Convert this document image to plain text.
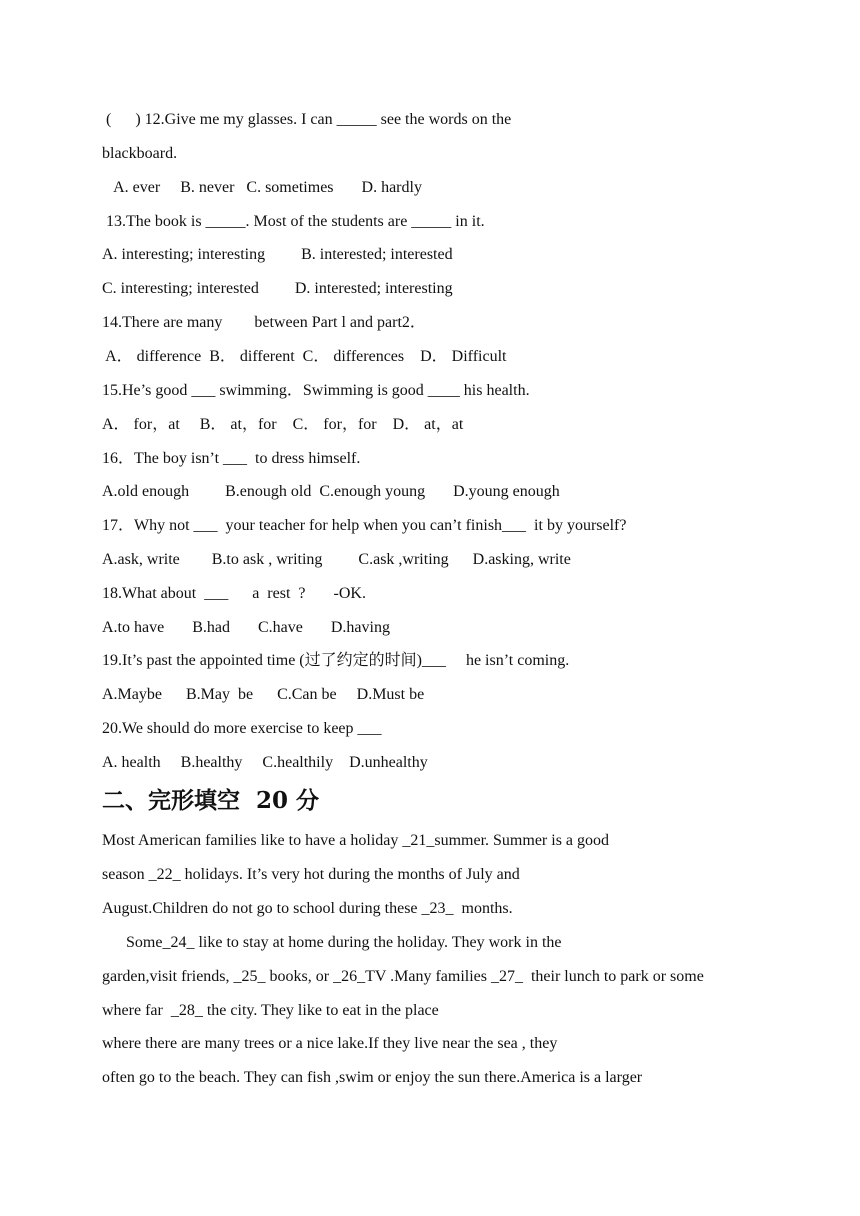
(      ) 12.Give me my glasses. I can _____ see the words on the

blackboard.

A. ever     B. never   C. sometimes       D. hardly

13.The book is _____. Most of the students are _____ in it.

A. interesting; interesting         B. interested; interested

C. interesting; interested         D. interested; interesting

14.There are many        between Part l and part2．

A． difference  B． different  C． differences    D． Difficult

15.He’s good ___ swimming．Swimming is good ____ his health.

A． for，at     B． at，for    C． for，for    D． at，at

16．The boy isn’t ___  to dress himself.

A.old enough         B.enough old  C.enough young       D.young enough

17．Why not ___  your teacher for help when you can’t finish___  it by yourself?

A.ask, write        B.to ask , writing         C.ask ,writing      D.asking, write

18.What about  ___      a  rest  ?       -OK.

A.to have       B.had       C.have       D.having

19.It’s past the appointed time (过了约定的时间)___     he isn’t coming.

A.Maybe      B.May  be      C.Can be     D.Must be

20.We should do more exercise to keep ___

A. health     B.healthy     C.healthily    D.unhealthy

二、完形填空  20 分

Most American families like to have a holiday _21_summer. Summer is a good

season _22_ holidays. It’s very hot during the months of July and

August.Children do not go to school during these _23_  months.

Some_24_ like to stay at home during the holiday. They work in the

garden,visit friends, _25_ books, or _26_TV .Many families _27_  their lunch to park or some

where far  _28_ the city. They like to eat in the place

where there are many trees or a nice lake.If they live near the sea , they

often go to the beach. They can fish ,swim or enjoy the sun there.America is a larger
